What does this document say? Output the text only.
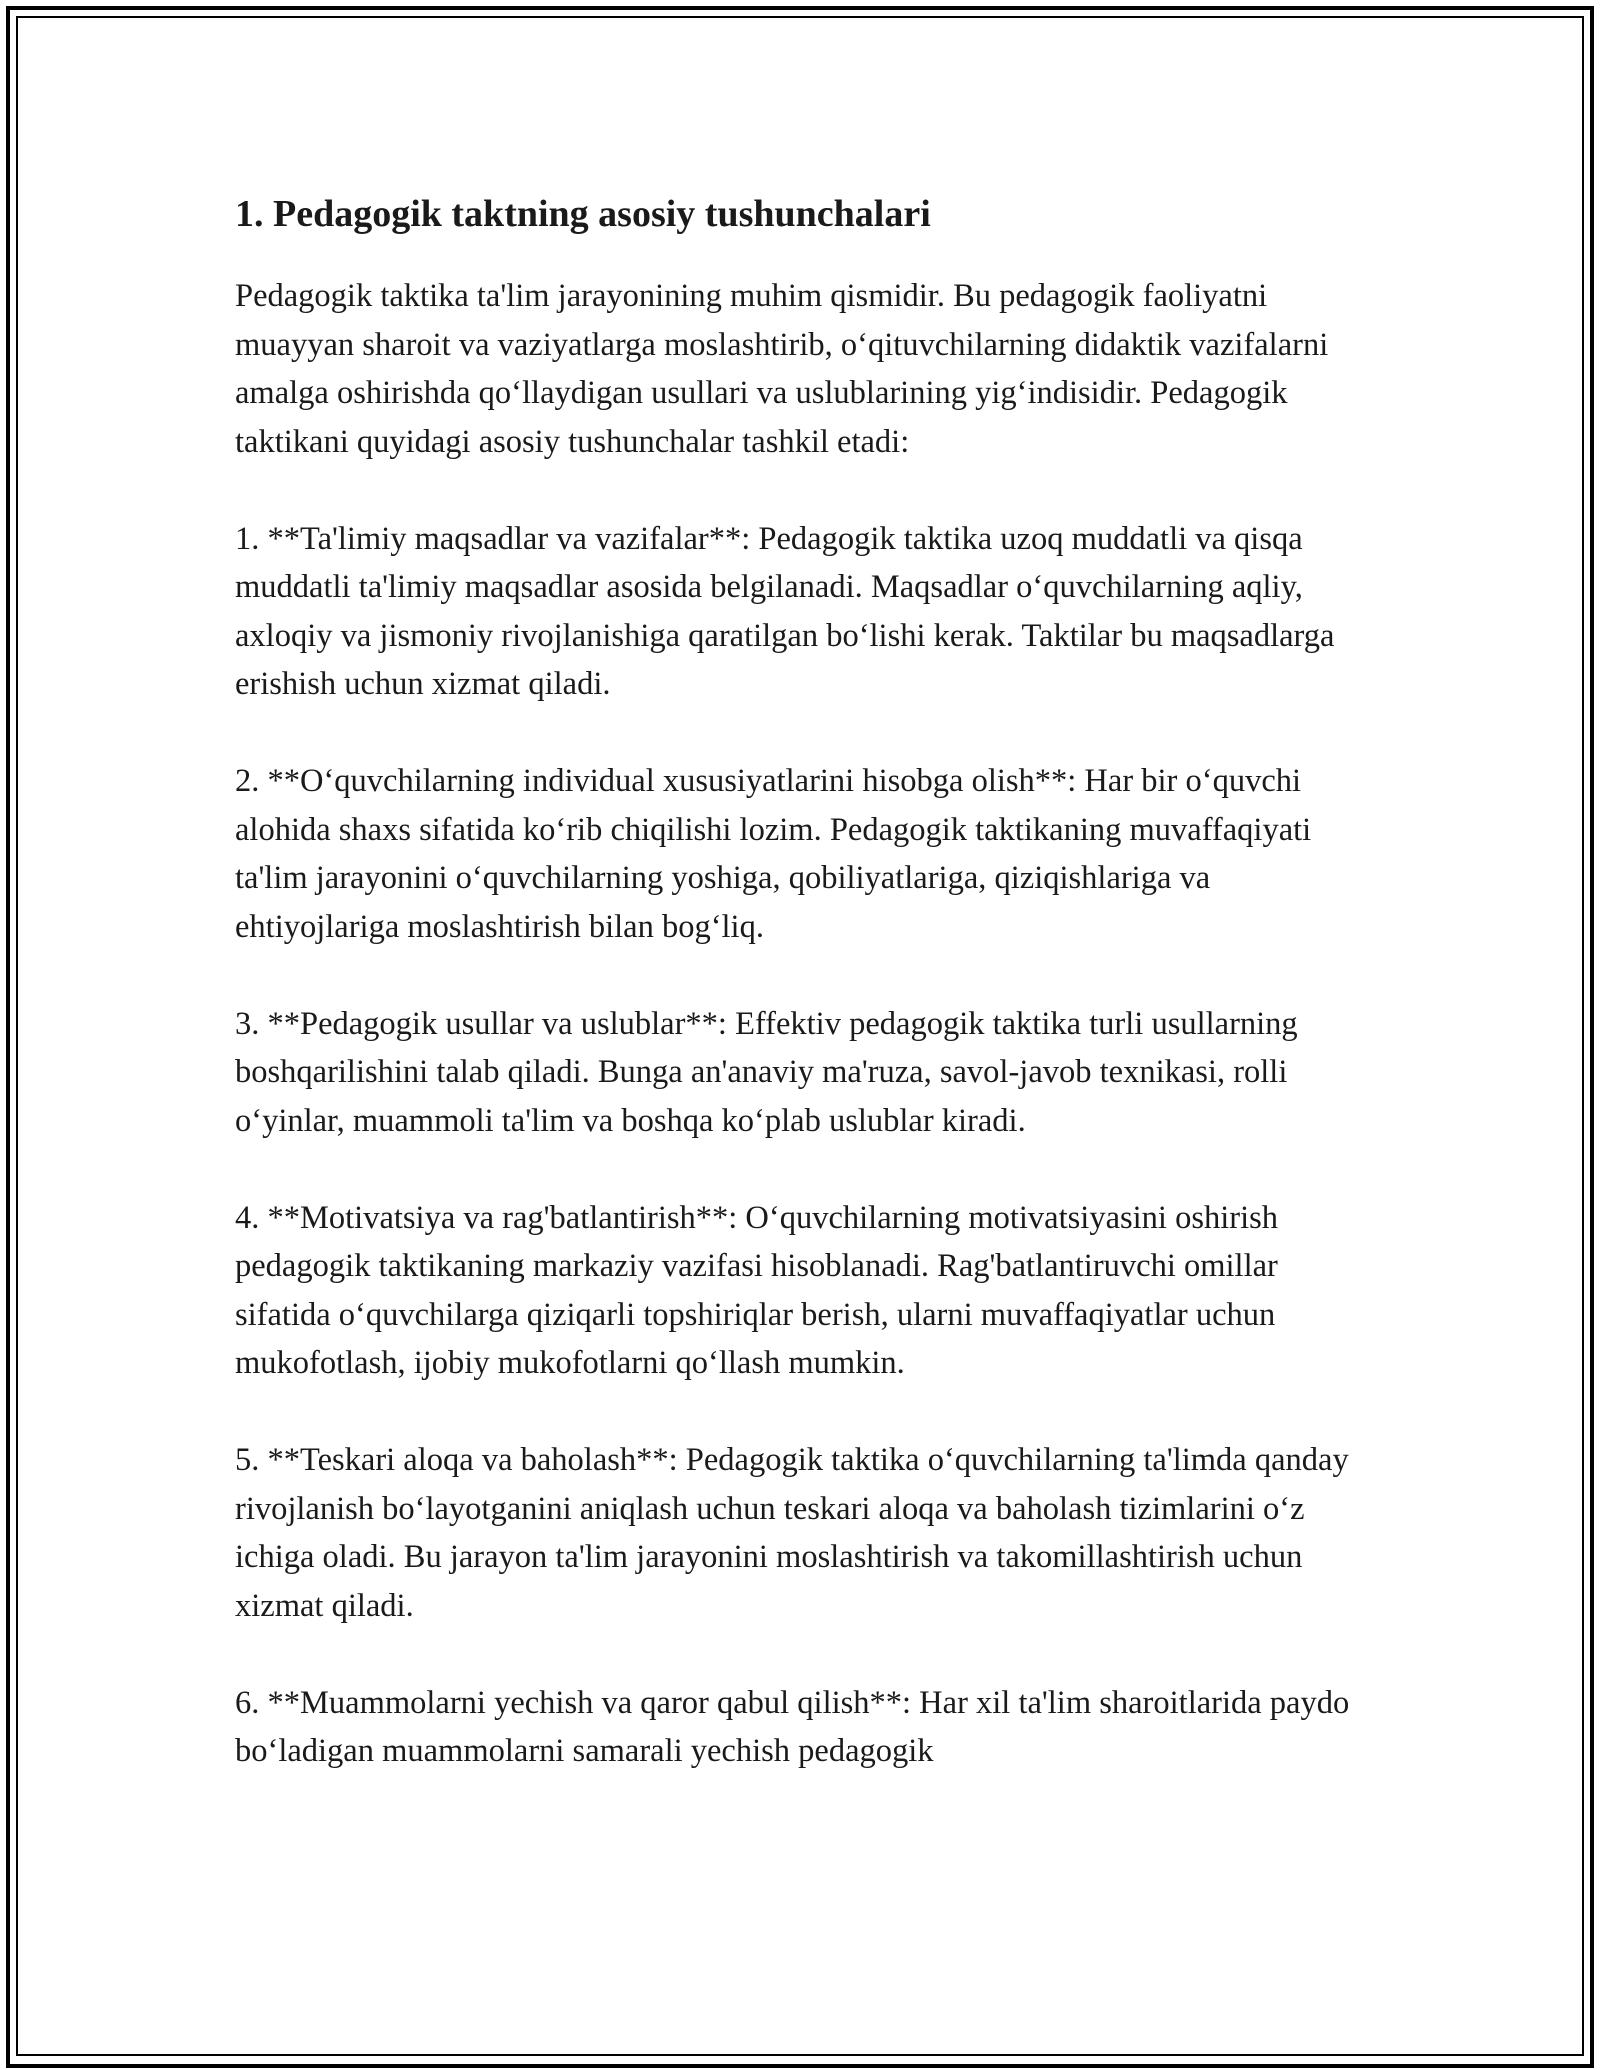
1. Pedagogik taktning asosiy tushunchalari

Pedagogik taktika ta'lim jarayonining muhim qismidir. Bu pedagogik faoliyatni muayyan sharoit va vaziyatlarga moslashtirib, o‘qituvchilarning didaktik vazifalarni amalga oshirishda qo‘llaydigan usullari va uslublarining yig‘indisidir. Pedagogik taktikani quyidagi asosiy tushunchalar tashkil etadi:

1. **Ta'limiy maqsadlar va vazifalar**: Pedagogik taktika uzoq muddatli va qisqa muddatli ta'limiy maqsadlar asosida belgilanadi. Maqsadlar o‘quvchilarning aqliy, axloqiy va jismoniy rivojlanishiga qaratilgan bo‘lishi kerak. Taktilar bu maqsadlarga erishish uchun xizmat qiladi.

2. **O‘quvchilarning individual xususiyatlarini hisobga olish**: Har bir o‘quvchi alohida shaxs sifatida ko‘rib chiqilishi lozim. Pedagogik taktikaning muvaffaqiyati ta'lim jarayonini o‘quvchilarning yoshiga, qobiliyatlariga, qiziqishlariga va ehtiyojlariga moslashtirish bilan bog‘liq.

3. **Pedagogik usullar va uslublar**: Effektiv pedagogik taktika turli usullarning boshqarilishini talab qiladi. Bunga an'anaviy ma'ruza, savol-javob texnikasi, rolli o‘yinlar, muammoli ta'lim va boshqa ko‘plab uslublar kiradi.

4. **Motivatsiya va rag'batlantirish**: O‘quvchilarning motivatsiyasini oshirish pedagogik taktikaning markaziy vazifasi hisoblanadi. Rag'batlantiruvchi omillar sifatida o‘quvchilarga qiziqarli topshiriqlar berish, ularni muvaffaqiyatlar uchun mukofotlash, ijobiy mukofotlarni qo‘llash mumkin.

5. **Teskari aloqa va baholash**: Pedagogik taktika o‘quvchilarning ta'limda qanday rivojlanish bo‘layotganini aniqlash uchun teskari aloqa va baholash tizimlarini o‘z ichiga oladi. Bu jarayon ta'lim jarayonini moslashtirish va takomillashtirish uchun xizmat qiladi.

6. **Muammolarni yechish va qaror qabul qilish**: Har xil ta'lim sharoitlarida paydo bo‘ladigan muammolarni samarali yechish pedagogik
